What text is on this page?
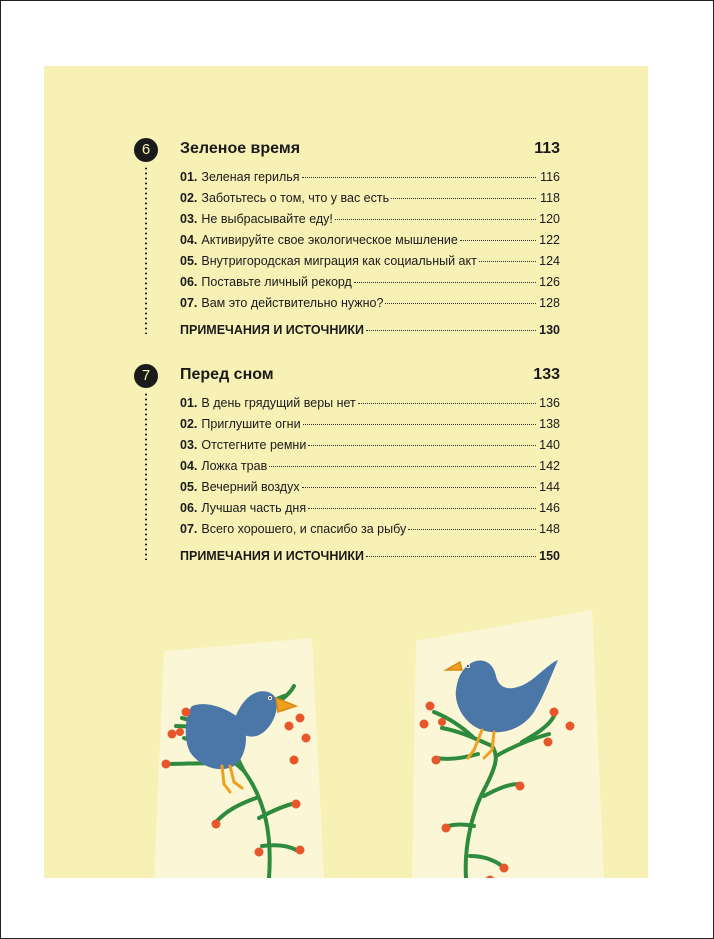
6	Зеленое время	113
01. Зеленая герилья	116
02. Заботьтесь о том, что у вас есть	118
03. Не выбрасывайте еду!	120
04. Активируйте свое экологическое мышление	122
05. Внутригородская миграция как социальный акт	124
06. Поставьте личный рекорд	126
07. Вам это действительно нужно?	128
ПРИМЕЧАНИЯ И ИСТОЧНИКИ	130
7	Перед сном	133
01. В день грядущий веры нет	136
02. Приглушите огни	138
03. Отстегните ремни	140
04. Ложка трав	142
05. Вечерний воздух	144
06. Лучшая часть дня	146
07. Всего хорошего, и спасибо за рыбу	148
ПРИМЕЧАНИЯ И ИСТОЧНИКИ	150
